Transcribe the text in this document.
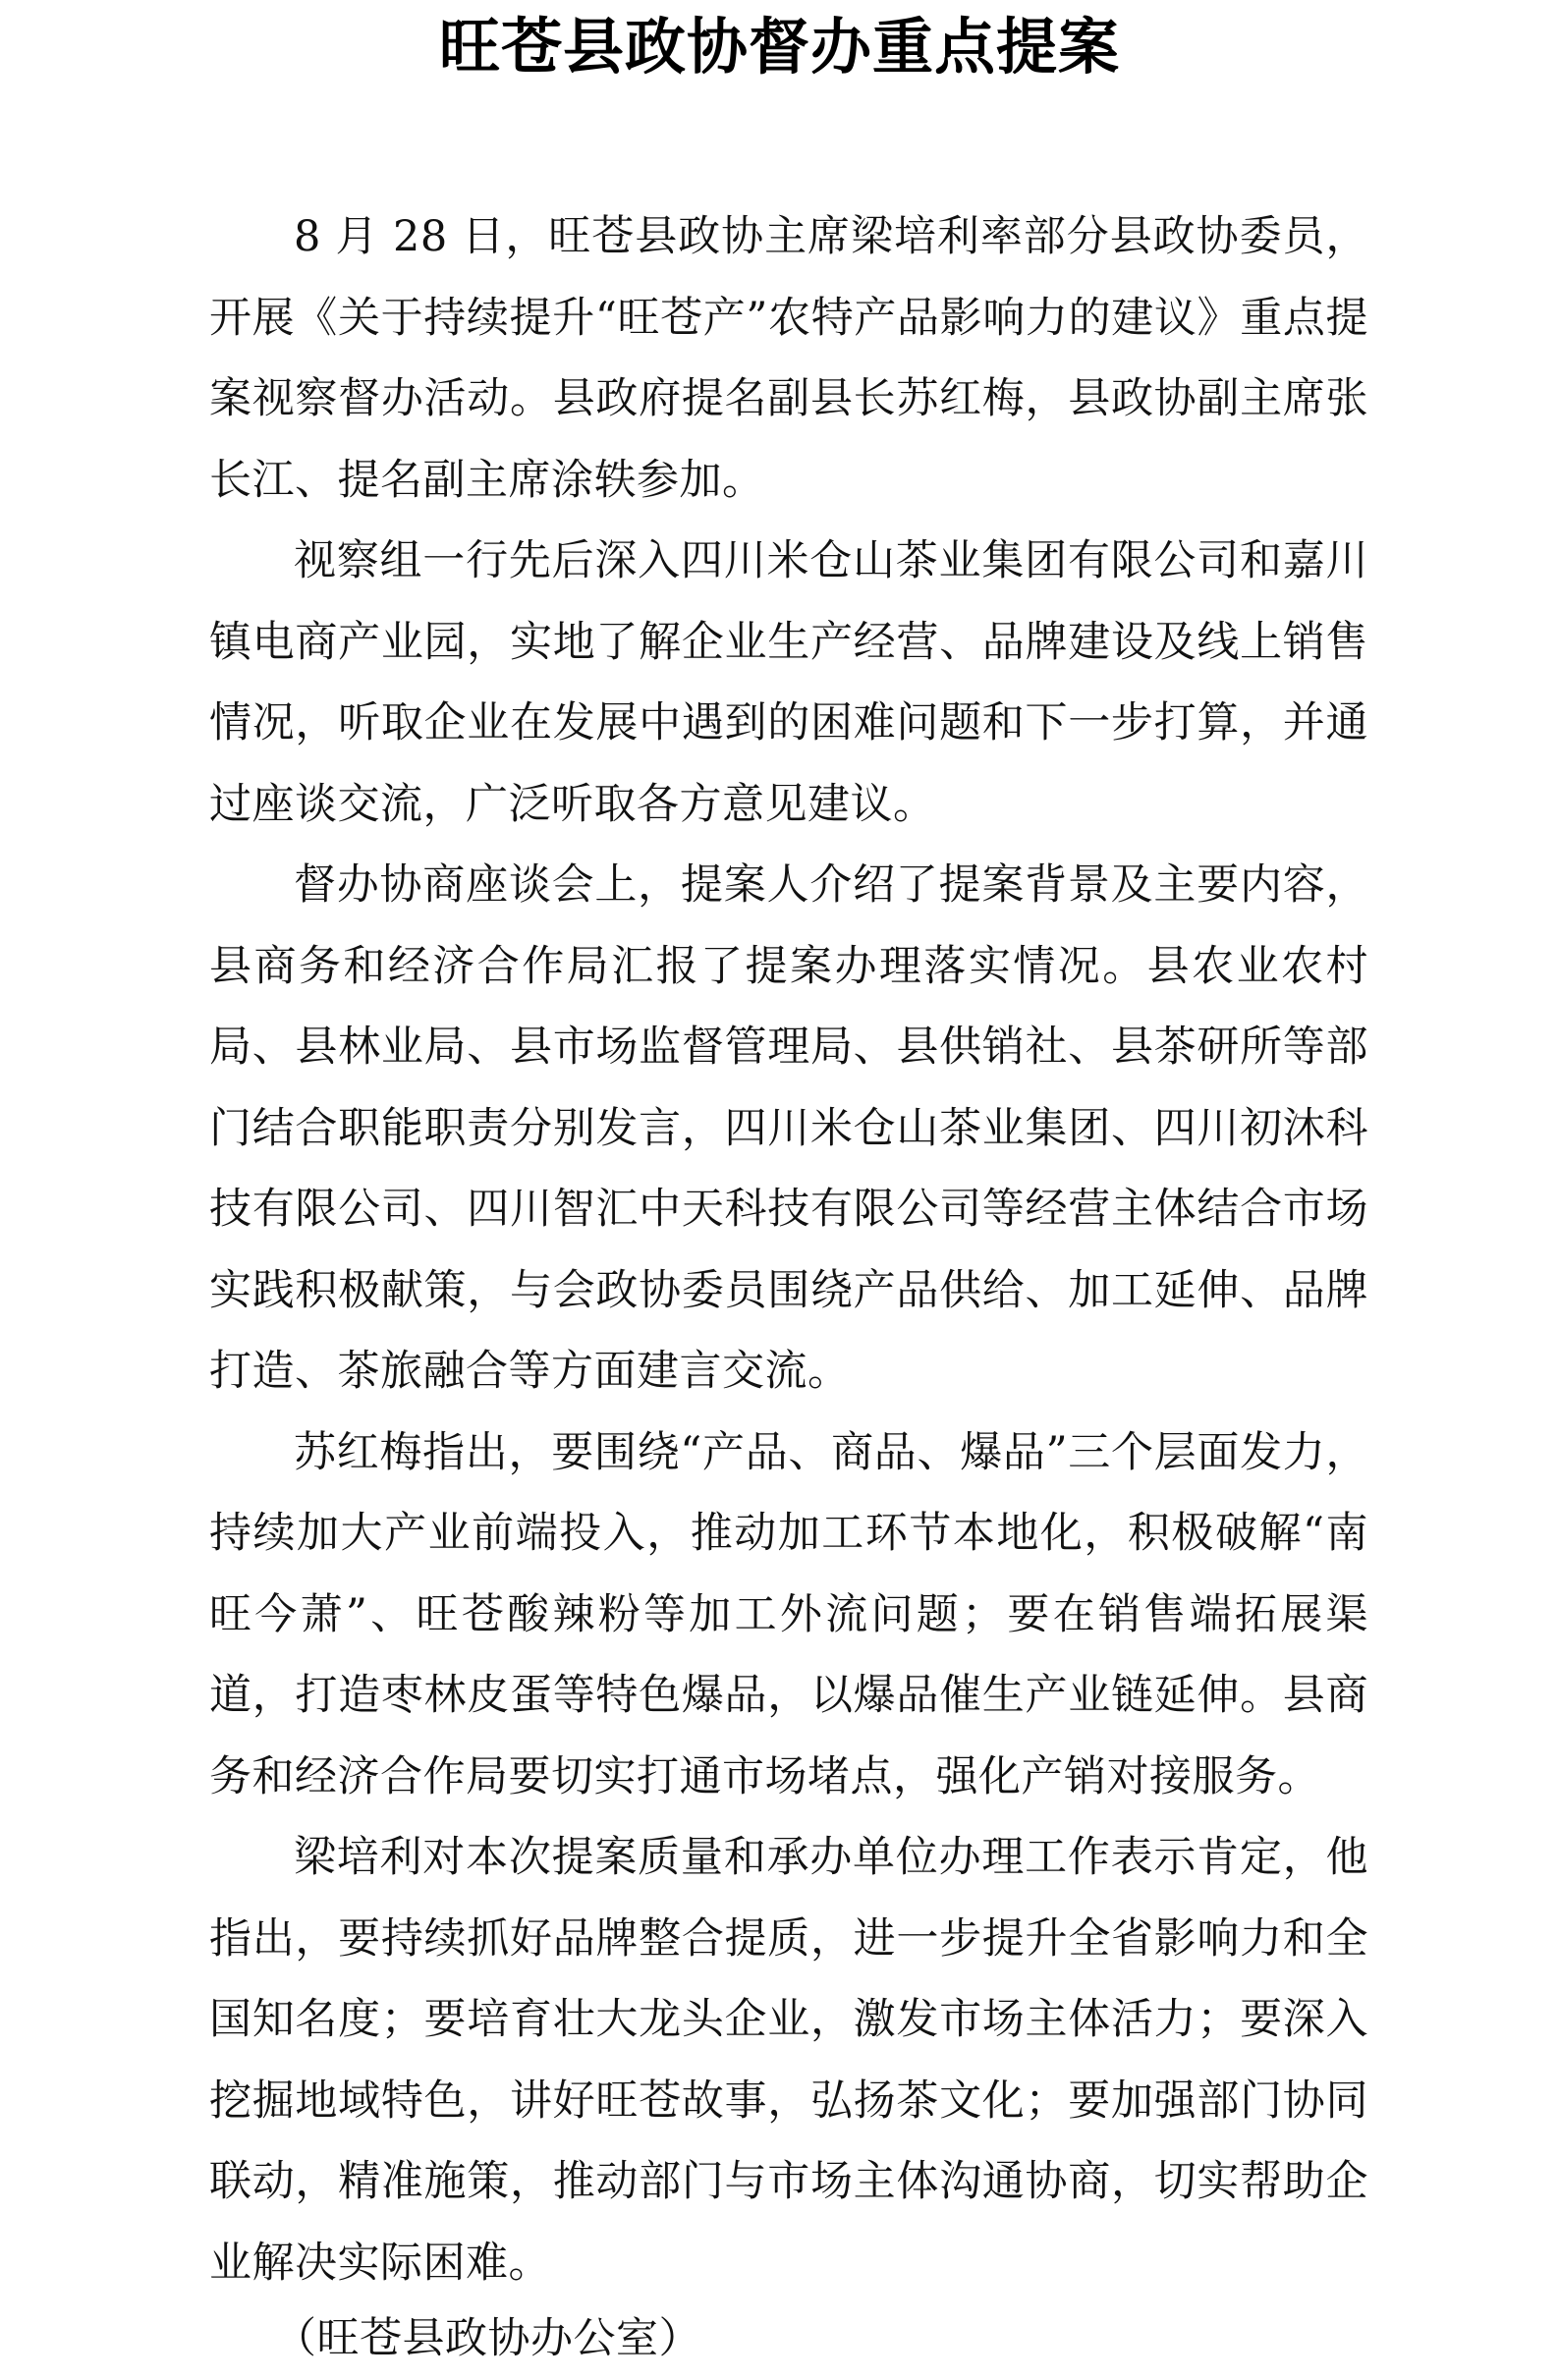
旺苍县政协督办重点提案

8 月 28 日，旺苍县政协主席梁培利率部分县政协委员，开展《关于持续提升“旺苍产”农特产品影响力的建议》重点提案视察督办活动。县政府提名副县长苏红梅，县政协副主席张长江、提名副主席涂轶参加。

视察组一行先后深入四川米仓山茶业集团有限公司和嘉川镇电商产业园，实地了解企业生产经营、品牌建设及线上销售情况，听取企业在发展中遇到的困难问题和下一步打算，并通过座谈交流，广泛听取各方意见建议。

督办协商座谈会上，提案人介绍了提案背景及主要内容，县商务和经济合作局汇报了提案办理落实情况。县农业农村局、县林业局、县市场监督管理局、县供销社、县茶研所等部门结合职能职责分别发言，四川米仓山茶业集团、四川初沐科技有限公司、四川智汇中天科技有限公司等经营主体结合市场实践积极献策，与会政协委员围绕产品供给、加工延伸、品牌打造、茶旅融合等方面建言交流。

苏红梅指出，要围绕“产品、商品、爆品”三个层面发力，持续加大产业前端投入，推动加工环节本地化，积极破解“南旺今萧”、旺苍酸辣粉等加工外流问题；要在销售端拓展渠道，打造枣林皮蛋等特色爆品，以爆品催生产业链延伸。县商务和经济合作局要切实打通市场堵点，强化产销对接服务。

梁培利对本次提案质量和承办单位办理工作表示肯定，他指出，要持续抓好品牌整合提质，进一步提升全省影响力和全国知名度；要培育壮大龙头企业，激发市场主体活力；要深入挖掘地域特色，讲好旺苍故事，弘扬茶文化；要加强部门协同联动，精准施策，推动部门与市场主体沟通协商，切实帮助企业解决实际困难。

（旺苍县政协办公室）
